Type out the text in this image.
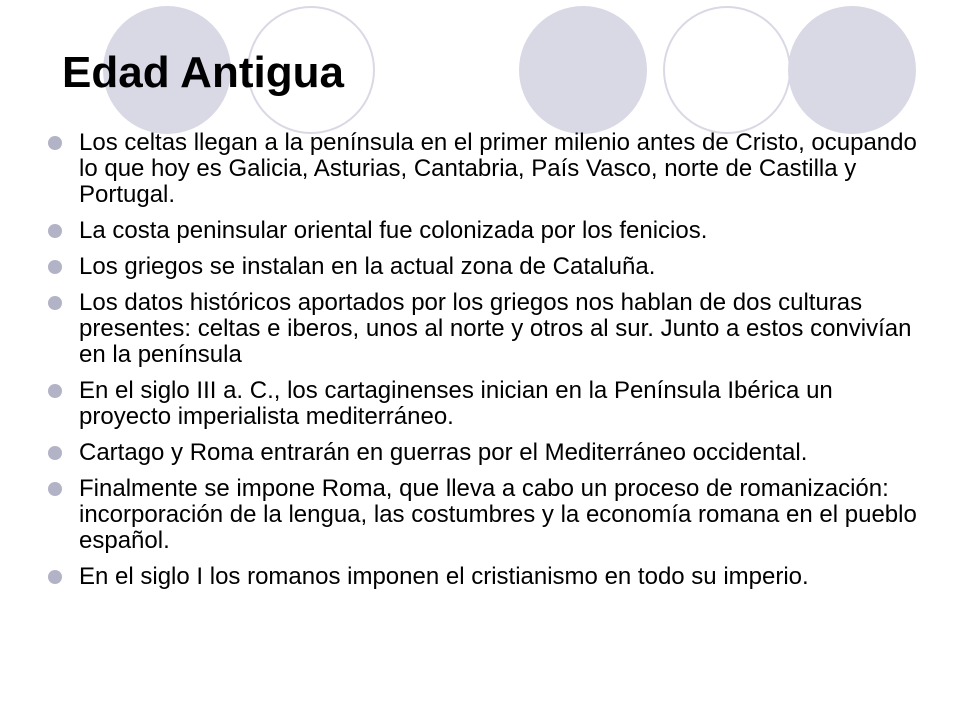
Edad Antigua
Los celtas llegan a la península en el primer milenio antes de Cristo, ocupando lo que hoy es Galicia, Asturias, Cantabria, País Vasco, norte de Castilla y Portugal.
La costa peninsular oriental fue colonizada por los fenicios.
Los griegos se instalan en la actual zona de Cataluña.
Los datos históricos aportados por los griegos nos hablan de dos culturas presentes: celtas e iberos, unos al norte y otros al sur. Junto a estos convivían en la península
En el siglo III a. C., los cartaginenses inician en la Península Ibérica un proyecto imperialista mediterráneo.
Cartago y Roma entrarán en guerras por el Mediterráneo occidental.
Finalmente se impone Roma, que lleva a cabo un proceso de romanización: incorporación de la lengua, las costumbres y la economía romana en el pueblo español.
En el siglo I los romanos imponen el cristianismo en todo su imperio.
